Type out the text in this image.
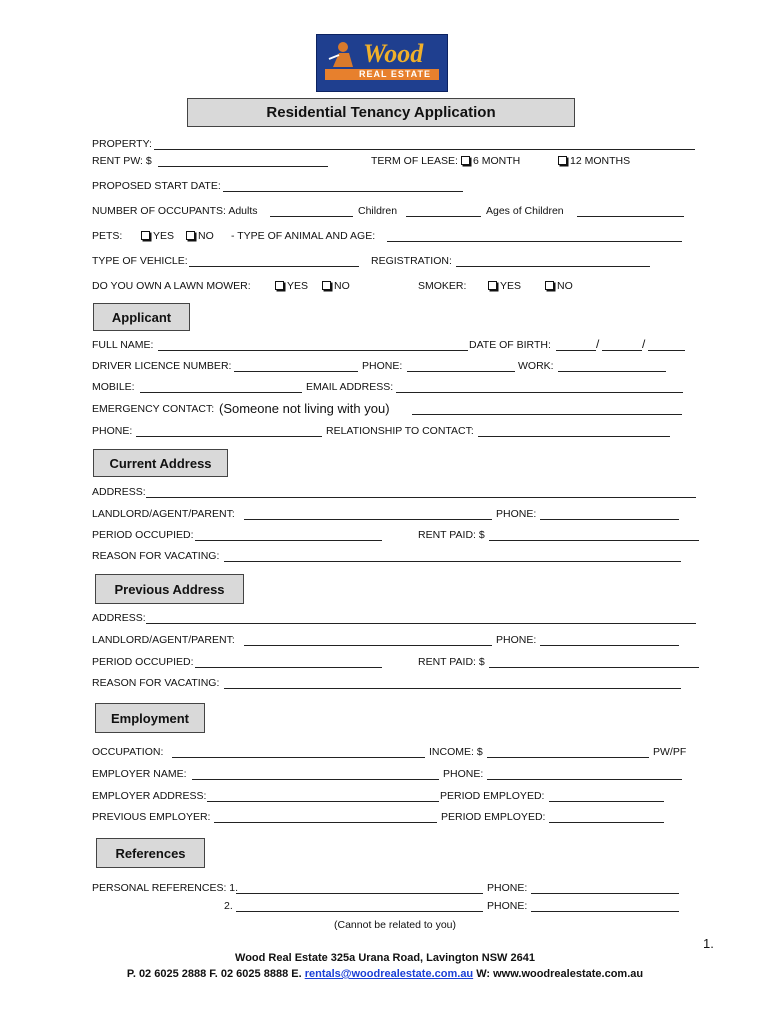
Wood
REAL ESTATE
Residential Tenancy Application
PROPERTY:
RENT PW: $	TERM OF LEASE:	6 MONTH	12 MONTHS
PROPOSED START DATE:
NUMBER OF OCCUPANTS: Adults	Children	Ages of Children
PETS:	YES	NO - TYPE OF ANIMAL AND AGE:
TYPE OF VEHICLE:	REGISTRATION:
DO YOU OWN A LAWN MOWER:	YES	NO	SMOKER:	YES	NO
Applicant
FULL NAME:	DATE OF BIRTH:	/	/
DRIVER LICENCE NUMBER:	PHONE:	WORK:
MOBILE:	EMAIL ADDRESS:
EMERGENCY CONTACT: (Someone not living with you)
PHONE:	RELATIONSHIP TO CONTACT:
Current Address
ADDRESS:
LANDLORD/AGENT/PARENT:	PHONE:
PERIOD OCCUPIED:	RENT PAID: $
REASON FOR VACATING:
Previous Address
ADDRESS:
LANDLORD/AGENT/PARENT:	PHONE:
PERIOD OCCUPIED:	RENT PAID: $
REASON FOR VACATING:
Employment
OCCUPATION:	INCOME: $	PW/PF
EMPLOYER NAME:	PHONE:
EMPLOYER ADDRESS:	PERIOD EMPLOYED:
PREVIOUS EMPLOYER:	PERIOD EMPLOYED:
References
PERSONAL REFERENCES: 1.	PHONE:
2.	PHONE:
(Cannot be related to you)
1.
Wood Real Estate 325a Urana Road, Lavington NSW 2641
P. 02 6025 2888 F. 02 6025 8888 E. rentals@woodrealestate.com.au W: www.woodrealestate.com.au
